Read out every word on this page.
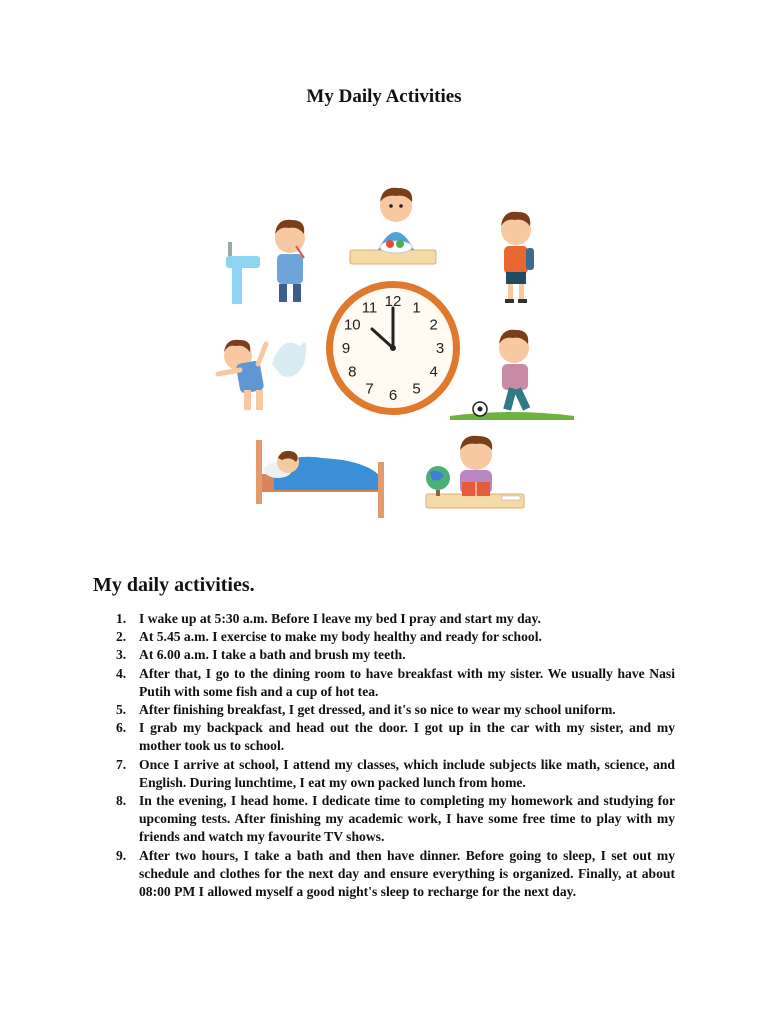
My Daily Activities
12 1
2
3
4
5
6
7
8
9
10
11
My daily activities.
1. I wake up at 5:30 a.m. Before I leave my bed I pray and start my day.
2. At 5.45 a.m. I exercise to make my body healthy and ready for school.
3. At 6.00 a.m. I take a bath and brush my teeth.
4. After that, I go to the dining room to have breakfast with my sister. We usually have Nasi Putih with some fish and a cup of hot tea.
5. After finishing breakfast, I get dressed, and it's so nice to wear my school uniform.
6. I grab my backpack and head out the door. I got up in the car with my sister, and my mother took us to school.
7. Once I arrive at school, I attend my classes, which include subjects like math, science, and English. During lunchtime, I eat my own packed lunch from home.
8. In the evening, I head home. I dedicate time to completing my homework and studying for upcoming tests. After finishing my academic work, I have some free time to play with my friends and watch my favourite TV shows.
9. After two hours, I take a bath and then have dinner. Before going to sleep, I set out my schedule and clothes for the next day and ensure everything is organized. Finally, at about 08:00 PM I allowed myself a good night's sleep to recharge for the next day.
